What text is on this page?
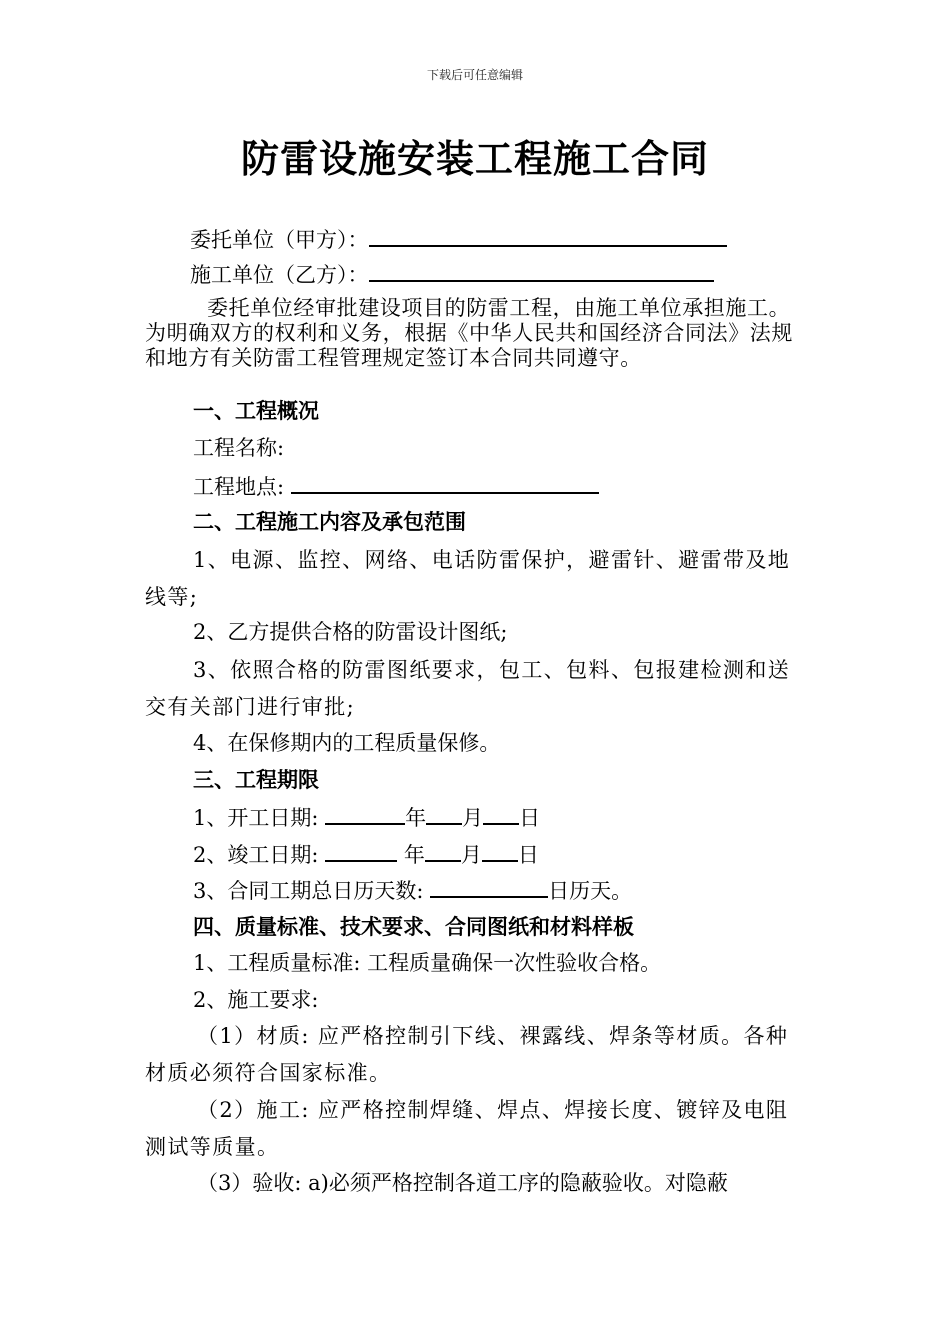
下载后可任意编辑
防雷设施安装工程施工合同
委托单位（甲方）：
施工单位（乙方）：
委托单位经审批建设项目的防雷工程，由施工单位承担施工。为明确双方的权利和义务，根据《中华人民共和国经济合同法》法规和地方有关防雷工程管理规定签订本合同共同遵守。
一、工程概况
工程名称:
工程地点:
二、工程施工内容及承包范围
1、电源、监控、网络、电话防雷保护，避雷针、避雷带及地线等;
2、乙方提供合格的防雷设计图纸;
3、依照合格的防雷图纸要求，包工、包料、包报建检测和送交有关部门进行审批;
4、在保修期内的工程质量保修。
三、工程期限
1、开工日期:	年 月 日
2、竣工日期:	年 月 日
3、合同工期总日历天数:	日历天。
四、质量标准、技术要求、合同图纸和材料样板
1、工程质量标准: 工程质量确保一次性验收合格。
2、施工要求:
（1）材质: 应严格控制引下线、裸露线、焊条等材质。各种材质必须符合国家标准。
（2）施工: 应严格控制焊缝、焊点、焊接长度、镀锌及电阻测试等质量。
（3）验收: a)必须严格控制各道工序的隐蔽验收。对隐蔽
